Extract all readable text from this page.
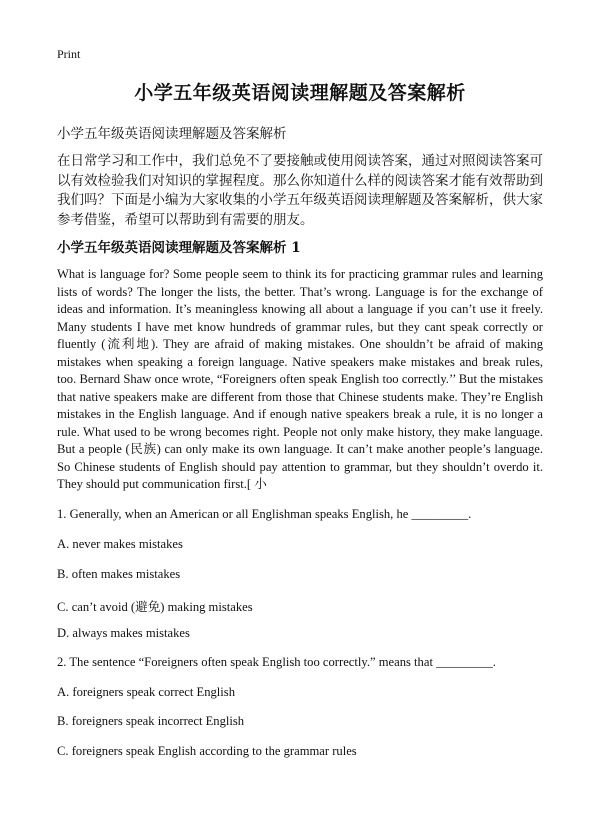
Print
小学五年级英语阅读理解题及答案解析
小学五年级英语阅读理解题及答案解析
在日常学习和工作中，我们总免不了要接触或使用阅读答案，通过对照阅读答案可以有效检验我们对知识的掌握程度。那么你知道什么样的阅读答案才能有效帮助到我们吗？下面是小编为大家收集的小学五年级英语阅读理解题及答案解析，供大家参考借鉴，希望可以帮助到有需要的朋友。
小学五年级英语阅读理解题及答案解析 1
What is language for? Some people seem to think its for practicing grammar rules and learning lists of words? The longer the lists, the better. That’s wrong. Language is for the exchange of ideas and information. It’s meaningless knowing all about a language if you can’t use it freely. Many students I have met know hundreds of grammar rules, but they cant speak correctly or fluently (流利地). They are afraid of making mistakes. One shouldn’t be afraid of making mistakes when speaking a foreign language. Native speakers make mistakes and break rules, too. Bernard Shaw once wrote, “Foreigners often speak English too correctly.’’ But the mistakes that native speakers make are different from those that Chinese students make. They’re English mistakes in the English language. And if enough native speakers break a rule, it is no longer a rule. What used to be wrong becomes right. People not only make history, they make language. But a people (民族) can only make its own language. It can’t make another people’s language. So Chinese students of English should pay attention to grammar, but they shouldn’t overdo it. They should put communication first.[ 小
1. Generally, when an American or all Englishman speaks English, he _________.
A. never makes mistakes
B. often makes mistakes
C. can’t avoid (避免) making mistakes
D. always makes mistakes
2. The sentence “Foreigners often speak English too correctly.” means that _________.
A. foreigners speak correct English
B. foreigners speak incorrect English
C. foreigners speak English according to the grammar rules
